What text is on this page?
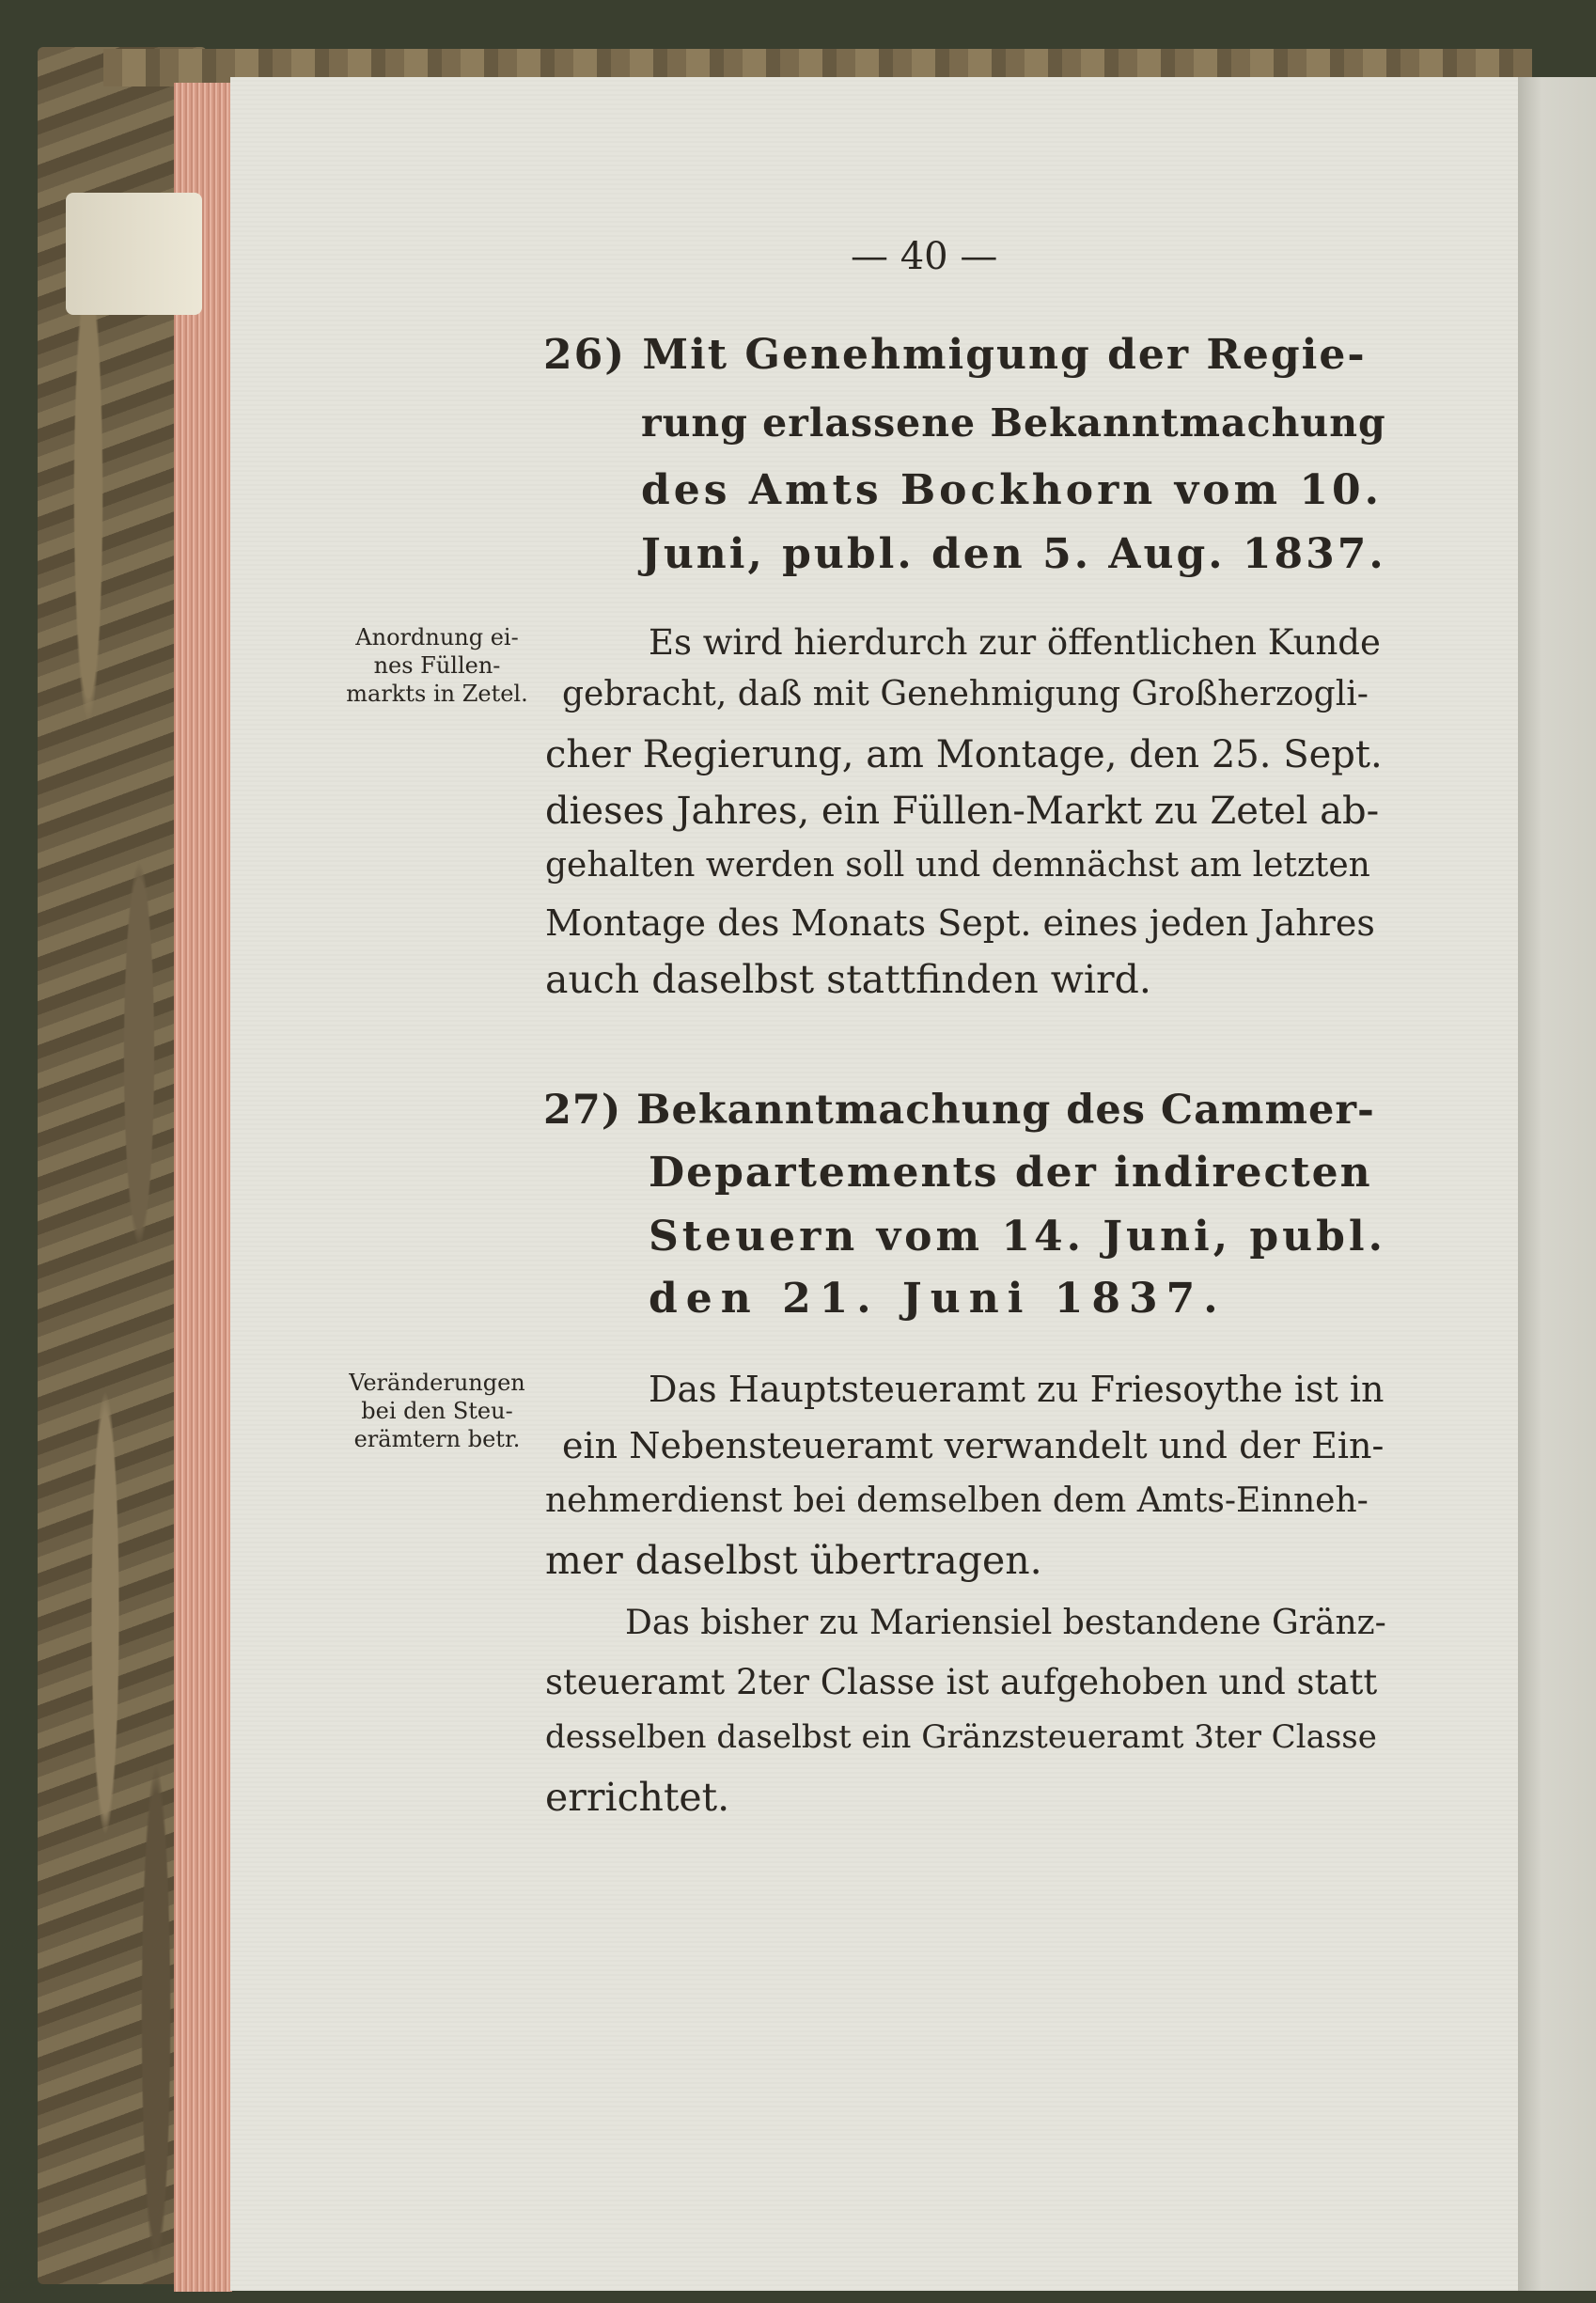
— 40 —
26) Mit Genehmigung der Regie-
rung erlassene Bekanntmachung
des Amts Bockhorn vom 10.
Juni, publ. den 5. Aug. 1837.
Anordnung ei-
nes Füllen-
markts in Zetel.
Es wird hierdurch zur öffentlichen Kunde
gebracht, daß mit Genehmigung Großherzogli-
cher Regierung, am Montage, den 25. Sept.
dieses Jahres, ein Füllen-Markt zu Zetel ab-
gehalten werden soll und demnächst am letzten
Montage des Monats Sept. eines jeden Jahres
auch daselbst stattfinden wird.
27) Bekanntmachung des Cammer-
Departements der indirecten
Steuern vom 14. Juni, publ.
den 21. Juni 1837.
Veränderungen
bei den Steu-
erämtern betr.
Das Hauptsteueramt zu Friesoythe ist in
ein Nebensteueramt verwandelt und der Ein-
nehmerdienst bei demselben dem Amts-Einneh-
mer daselbst übertragen.
Das bisher zu Mariensiel bestandene Gränz-
steueramt 2ter Classe ist aufgehoben und statt
desselben daselbst ein Gränzsteueramt 3ter Classe
errichtet.
